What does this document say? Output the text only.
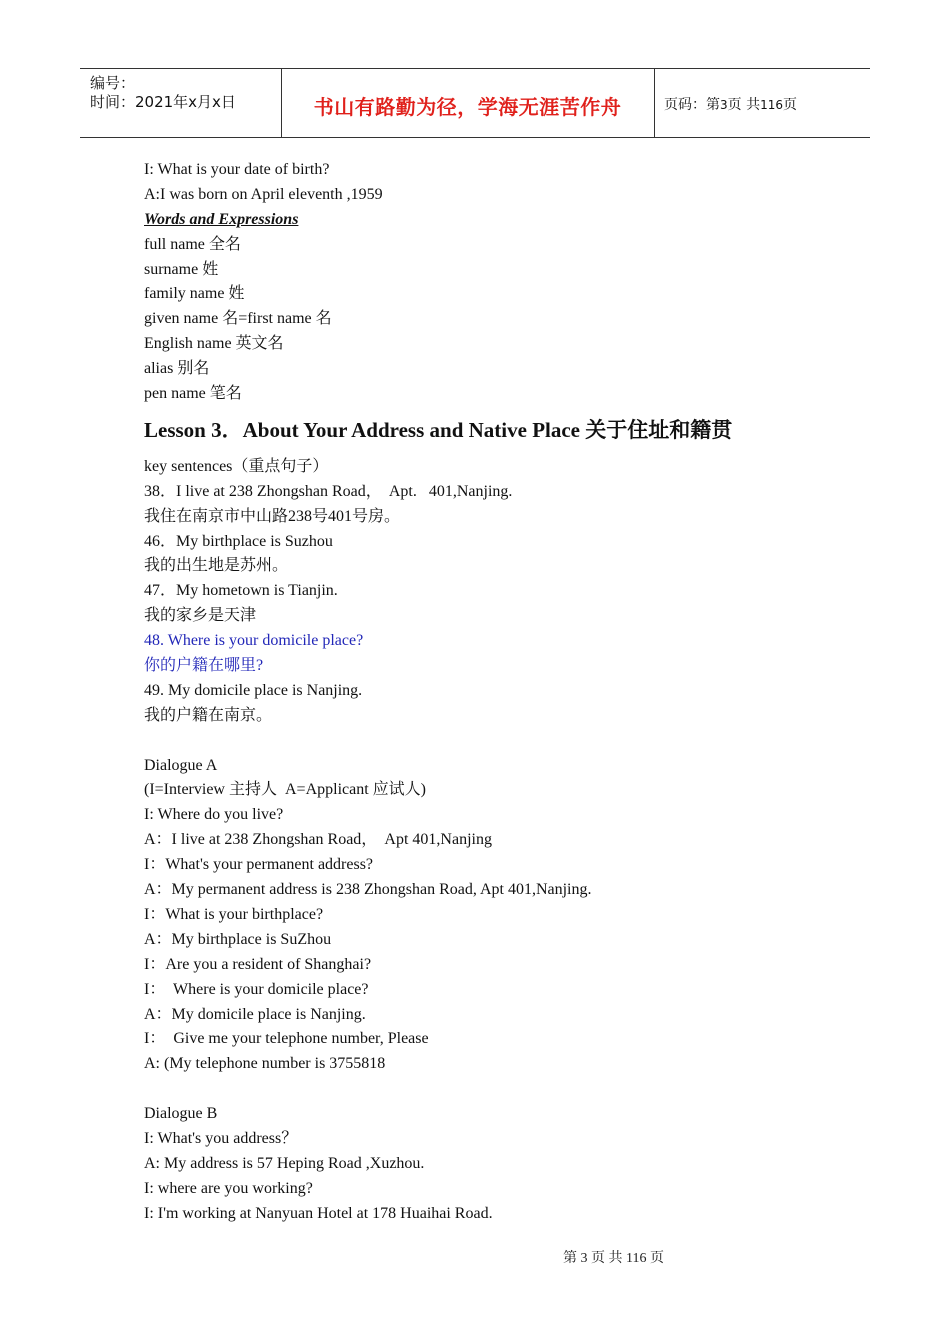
编号：
时间：2021年x月x日	书山有路勤为径，学海无涯苦作舟	页码：第3页 共116页
I: What is your date of birth?
A:I was born on April eleventh ,1959
Words and Expressions
full name 全名
surname 姓
family name 姓
given name 名=first name 名
English name 英文名
alias 别名
pen name 笔名
Lesson 3．About Your Address and Native Place 关于住址和籍贯
key sentences（重点句子）
38．I live at 238 Zhongshan Road，  Apt.   401,Nanjing.
我住在南京市中山路238号401号房。
46．My birthplace is Suzhou
我的出生地是苏州。
47．My hometown is Tianjin.
我的家乡是天津
48. Where is your domicile place?
你的户籍在哪里?
49. My domicile place is Nanjing.
我的户籍在南京。
Dialogue A
(I=Interview 主持人  A=Applicant 应试人)
I: Where do you live?
A：I live at 238 Zhongshan Road，  Apt 401,Nanjing
I：What's your permanent address?
A：My permanent address is 238 Zhongshan Road, Apt 401,Nanjing.
I：What is your birthplace?
A：My birthplace is SuZhou
I：Are you a resident of Shanghai?
I：  Where is your domicile place?
A：My domicile place is Nanjing.
I：  Give me your telephone number, Please
A: (My telephone number is 3755818
Dialogue B
I: What's you address？
A: My address is 57 Heping Road ,Xuzhou.
I: where are you working?
I: I'm working at Nanyuan Hotel at 178 Huaihai Road.
第 3 页 共 116 页
